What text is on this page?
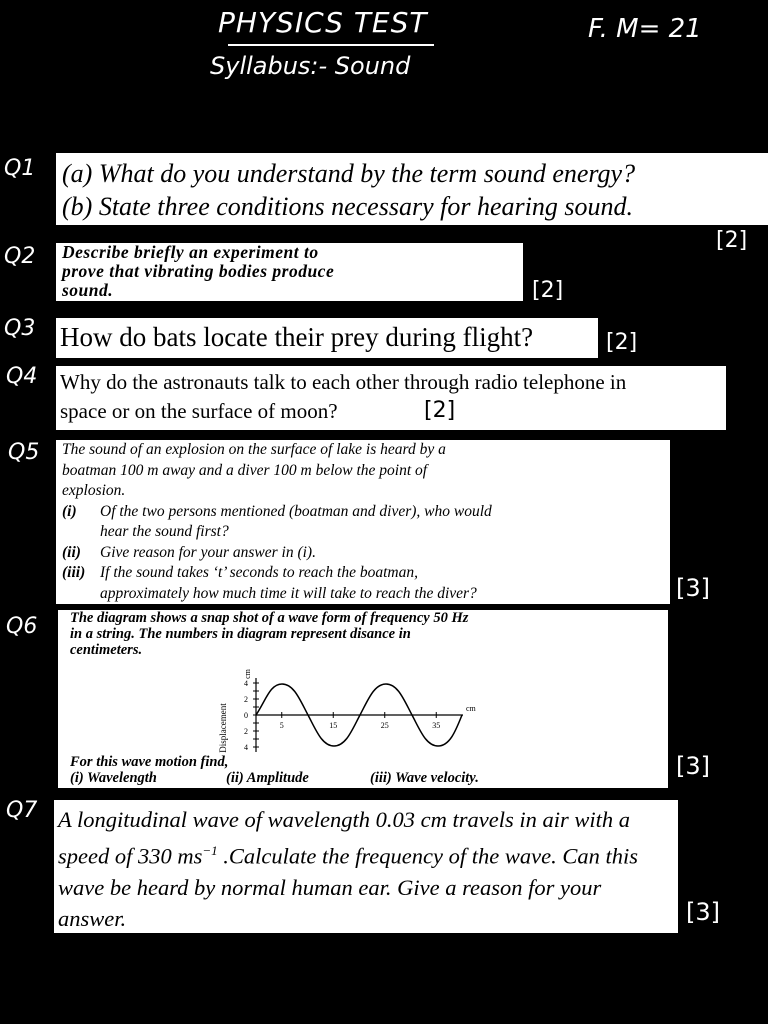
PHYSICS TEST
Syllabus:- Sound
F. M= 21
Q1 (a) What do you understand by the term sound energy?
(b) State three conditions necessary for hearing sound.
[2]
Q2 Describe briefly an experiment to
prove that vibrating bodies produce
sound.	[2]
Q3 How do bats locate their prey during flight?	[2]
Q4 Why do the astronauts talk to each other through radio telephone in
space or on the surface of moon?	[2]
Q5 The sound of an explosion on the surface of lake is heard by a
boatman 100 m away and a diver 100 m below the point of
explosion.
(i) Of the two persons mentioned (boatman and diver), who would
hear the sound first?
(ii) Give reason for your answer in (i).
(iii) If the sound takes ‘t’ seconds to reach the boatman,
approximately how much time it will take to reach the diver?	[3]
Q6 The diagram shows a snap shot of a wave form of frequency 50 Hz
in a string. The numbers in diagram represent disance in
centimeters.
Displacement
cm
4
2
0
2
4
5	15	25	35
cm
For this wave motion find,
(i) Wavelength	(ii) Amplitude	(iii) Wave velocity.	[3]
Q7 A longitudinal wave of wavelength 0.03 cm travels in air with a
speed of 330 $ms^{-1}$ .Calculate the frequency of the wave. Can this
wave be heard by normal human ear. Give a reason for your
answer.	[3]
